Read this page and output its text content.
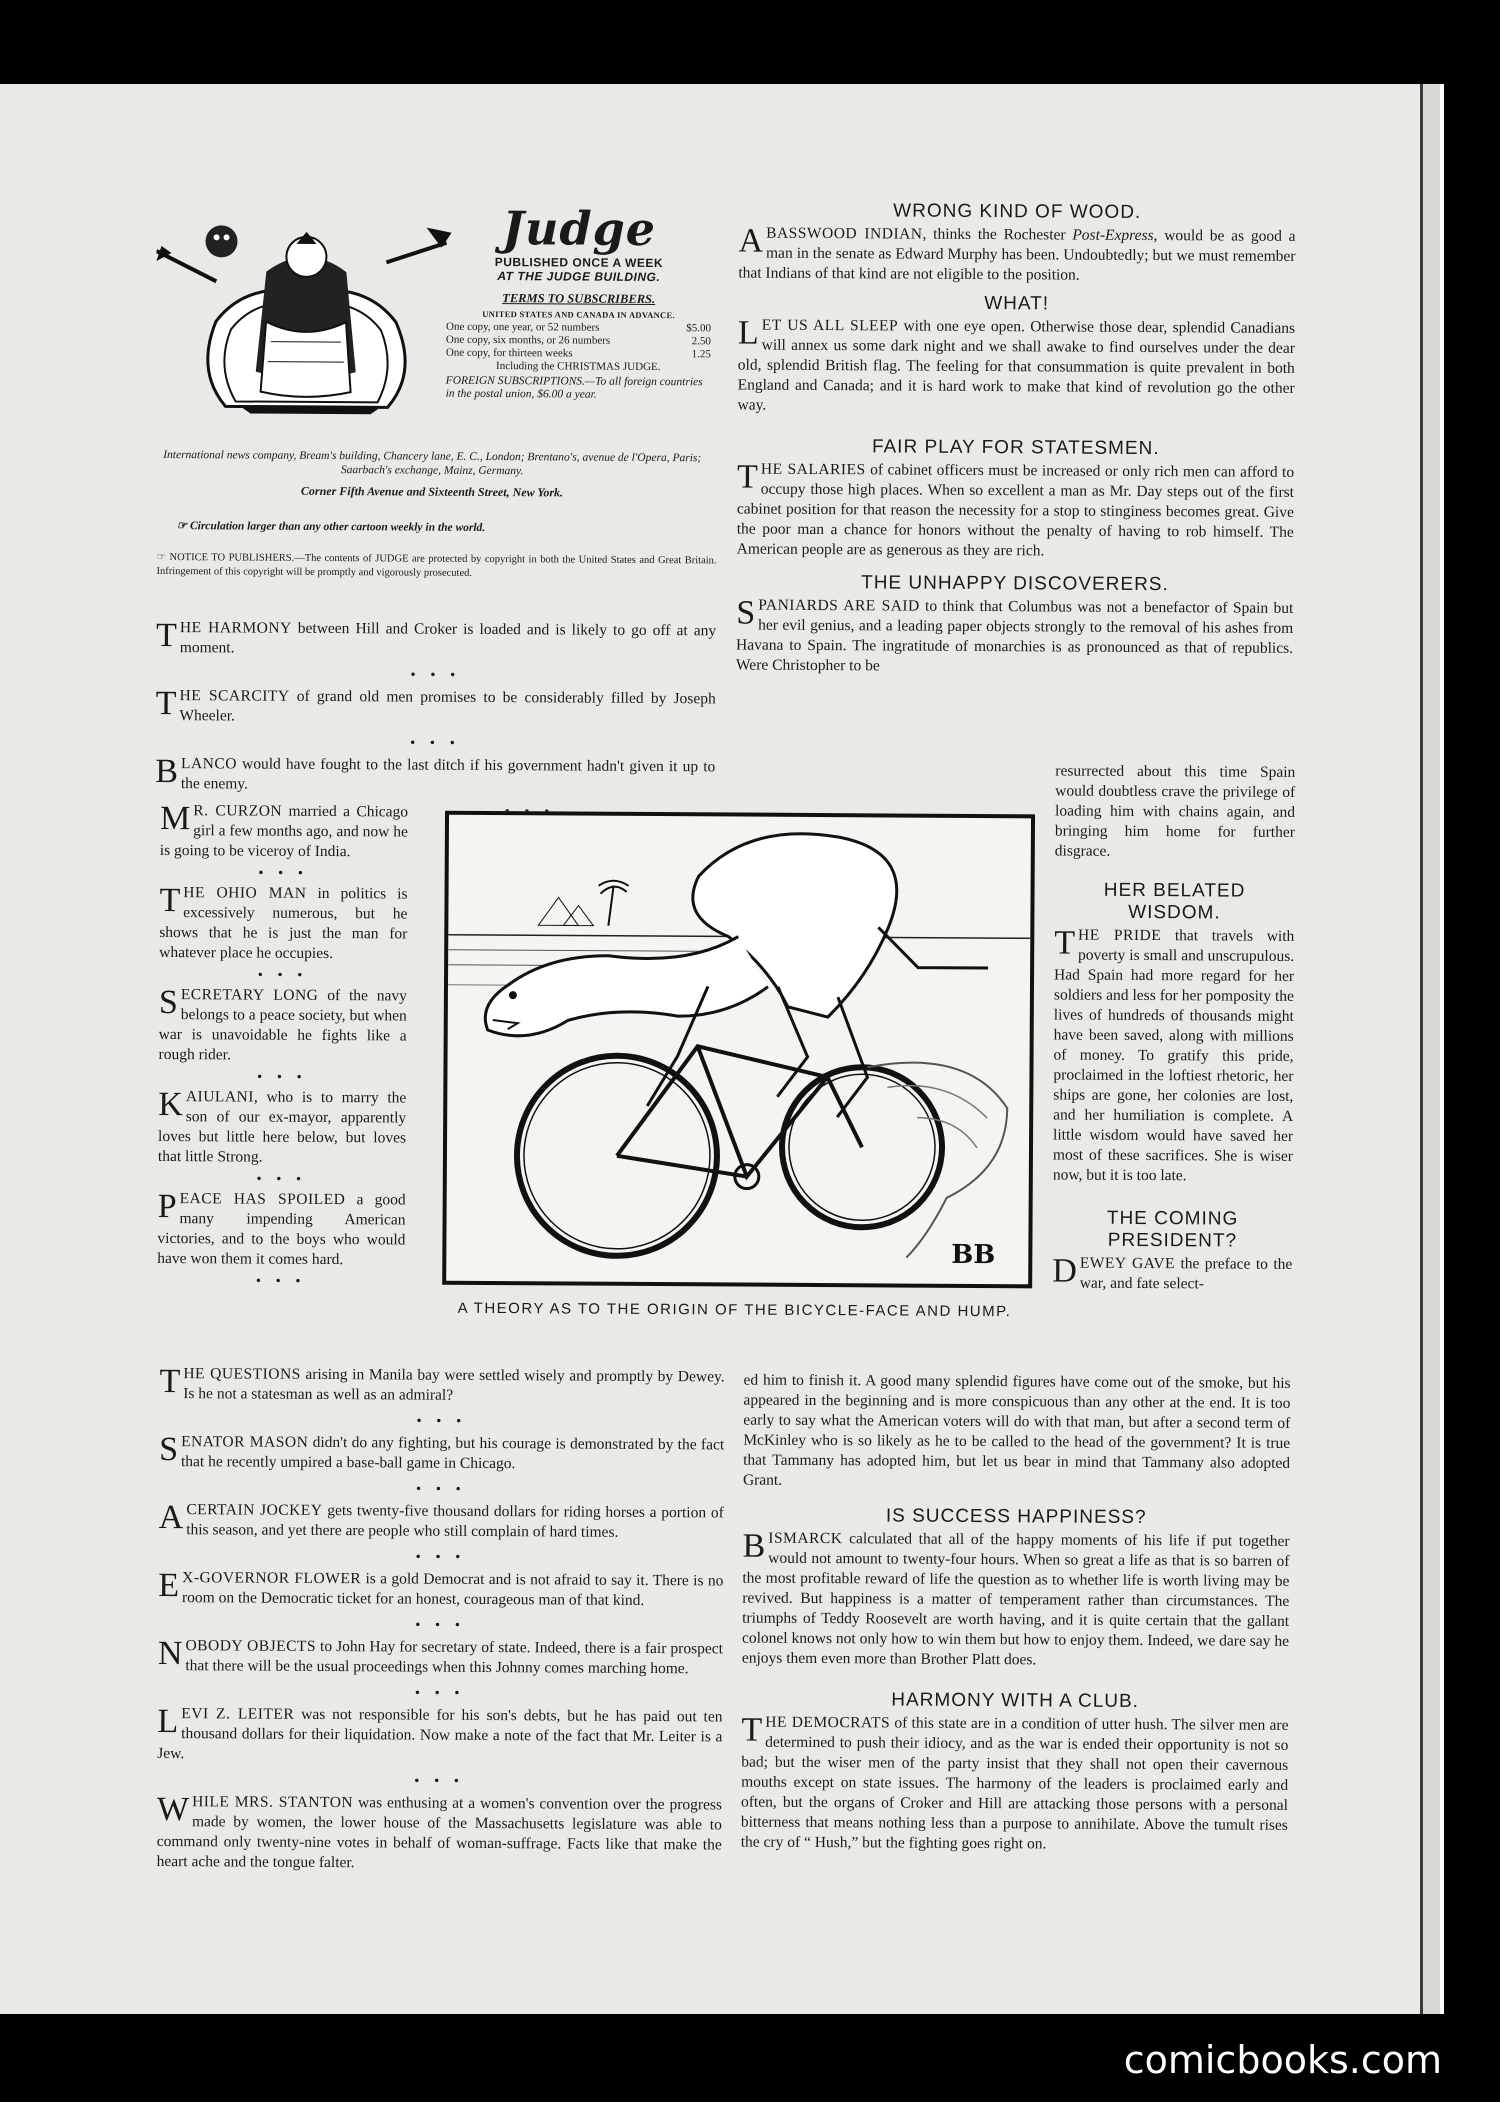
Judge
PUBLISHED ONCE A WEEK
AT THE JUDGE BUILDING.
TERMS TO SUBSCRIBERS.
UNITED STATES AND CANADA IN ADVANCE.
One copy, one year, or 52 numbers	$5.00
One copy, six months, or 26 numbers	2.50
One copy, for thirteen weeks	1.25
Including the CHRISTMAS JUDGE.
FOREIGN SUBSCRIPTIONS.—To all foreign countries in the postal union, $6.00 a year.
International news company, Bream's building, Chancery lane, E. C., London; Brentano's, avenue de l'Opera, Paris; Saarbach's exchange, Mainz, Germany.
Corner Fifth Avenue and Sixteenth Street, New York.
☞ Circulation larger than any other cartoon weekly in the world.
☞ NOTICE TO PUBLISHERS.—The contents of JUDGE are protected by copyright in both the United States and Great Britain. Infringement of this copyright will be promptly and vigorously prosecuted.
THE HARMONY between Hill and Croker is loaded and is likely to go off at any moment.
• • •
THE SCARCITY of grand old men promises to be considerably filled by Joseph Wheeler.
• • •
BLANCO would have fought to the last ditch if his government hadn't given it up to the enemy.
M R. CURZON married a Chicago girl a few months ago, and now he is going to be viceroy of India.
• • •
THE OHIO MAN in politics is excessively numerous, but he shows that he is just the man for whatever place he occupies.
• • •
SECRETARY LONG of the navy belongs to a peace society, but when war is unavoidable he fights like a rough rider.
• • •
KAIULANI, who is to marry the son of our ex-mayor, apparently loves but little here below, but loves that little Strong.
• • •
PEACE HAS SPOILED a good many impending American victories, and to the boys who would have won them it comes hard.
• • •
BB
A THEORY AS TO THE ORIGIN OF THE BICYCLE-FACE AND HUMP.
THE QUESTIONS arising in Manila bay were settled wisely and promptly by Dewey. Is he not a statesman as well as an admiral?
• • •
SENATOR MASON didn't do any fighting, but his courage is demonstrated by the fact that he recently umpired a base-ball game in Chicago.
• • •
A CERTAIN JOCKEY gets twenty-five thousand dollars for riding horses a portion of this season, and yet there are people who still complain of hard times.
• • •
E X-GOVERNOR FLOWER is a gold Democrat and is not afraid to say it. There is no room on the Democratic ticket for an honest, courageous man of that kind.
• • •
NOBODY OBJECTS to John Hay for secretary of state. Indeed, there is a fair prospect that there will be the usual proceedings when this Johnny comes marching home.
• • •
LEVI Z. LEITER was not responsible for his son's debts, but he has paid out ten thousand dollars for their liquidation. Now make a note of the fact that Mr. Leiter is a Jew.
• • •
WHILE MRS. STANTON was enthusing at a women's convention over the progress made by women, the lower house of the Massachusetts legislature was able to command only twenty-nine votes in behalf of woman-suffrage. Facts like that make the heart ache and the tongue falter.
WRONG KIND OF WOOD.
A BASSWOOD INDIAN, thinks the Rochester Post-Express, would be as good a man in the senate as Edward Murphy has been. Undoubtedly; but we must remember that Indians of that kind are not eligible to the position.
WHAT!
LET US ALL SLEEP with one eye open. Otherwise those dear, splendid Canadians will annex us some dark night and we shall awake to find ourselves under the dear old, splendid British flag. The feeling for that consummation is quite prevalent in both England and Canada; and it is hard work to make that kind of revolution go the other way.
FAIR PLAY FOR STATESMEN.
THE SALARIES of cabinet officers must be increased or only rich men can afford to occupy those high places. When so excellent a man as Mr. Day steps out of the first cabinet position for that reason the necessity for a stop to stinginess becomes great. Give the poor man a chance for honors without the penalty of having to rob himself. The American people are as generous as they are rich.
THE UNHAPPY DISCOVERERS.
SPANIARDS ARE SAID to think that Columbus was not a benefactor of Spain but her evil genius, and a leading paper objects strongly to the removal of his ashes from Havana to Spain. The ingratitude of monarchies is as pronounced as that of republics. Were Christopher to be
resurrected about this time Spain would doubtless crave the privilege of loading him with chains again, and bringing him home for further disgrace.
HER BELATED WISDOM.
THE PRIDE that travels with poverty is small and unscrupulous. Had Spain had more regard for her soldiers and less for her pomposity the lives of hundreds of thousands might have been saved, along with millions of money. To gratify this pride, proclaimed in the loftiest rhetoric, her ships are gone, her colonies are lost, and her humiliation is complete. A little wisdom would have saved her most of these sacrifices. She is wiser now, but it is too late.
THE COMING PRESIDENT?
DEWEY GAVE the preface to the war, and fate select-
ed him to finish it. A good many splendid figures have come out of the smoke, but his appeared in the beginning and is more conspicuous than any other at the end. It is too early to say what the American voters will do with that man, but after a second term of McKinley who is so likely as he to be called to the head of the government? It is true that Tammany has adopted him, but let us bear in mind that Tammany also adopted Grant.
IS SUCCESS HAPPINESS?
BISMARCK calculated that all of the happy moments of his life if put together would not amount to twenty-four hours. When so great a life as that is so barren of the most profitable reward of life the question as to whether life is worth living may be revived. But happiness is a matter of temperament rather than circumstances. The triumphs of Teddy Roosevelt are worth having, and it is quite certain that the gallant colonel knows not only how to win them but how to enjoy them. Indeed, we dare say he enjoys them even more than Brother Platt does.
HARMONY WITH A CLUB.
THE DEMOCRATS of this state are in a condition of utter hush. The silver men are determined to push their idiocy, and as the war is ended their opportunity is not so bad; but the wiser men of the party insist that they shall not open their cavernous mouths except on state issues. The harmony of the leaders is proclaimed early and often, but the organs of Croker and Hill are attacking those persons with a personal bitterness that means nothing less than a purpose to annihilate. Above the tumult rises the cry of “ Hush,” but the fighting goes right on.
comicbooks.com
